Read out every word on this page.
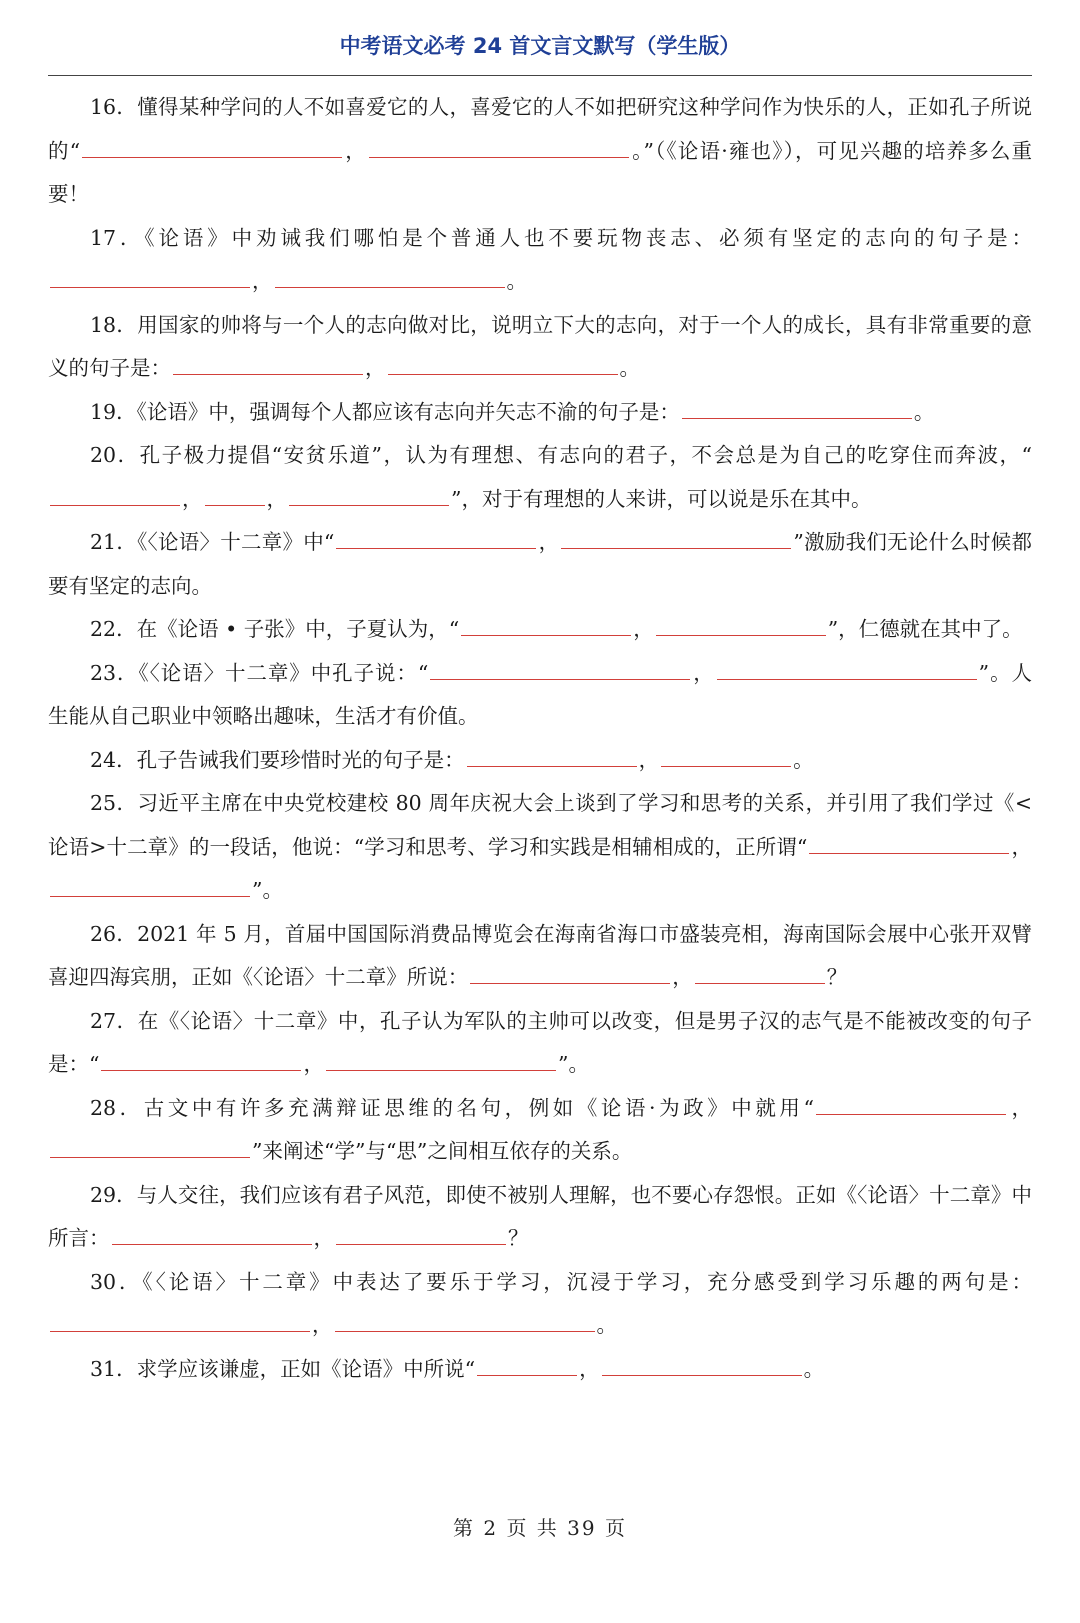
中考语文必考 24 首文言文默写（学生版）
16．懂得某种学问的人不如喜爱它的人，喜爱它的人不如把研究这种学问作为快乐的人，正如孔子所说的“	，	。”（《论语·雍也》），可见兴趣的培养多么重要！
17．《论语》中劝诫我们哪怕是个普通人也不要玩物丧志、必须有坚定的志向的句子是：，	。
18．用国家的帅将与一个人的志向做对比，说明立下大的志向，对于一个人的成长，具有非常重要的意义的句子是：	，	。
19．《论语》中，强调每个人都应该有志向并矢志不渝的句子是：	。
20．孔子极力提倡“安贫乐道”，认为有理想、有志向的君子，不会总是为自己的吃穿住而奔波，“，	，	”，对于有理想的人来讲，可以说是乐在其中。
21．《〈论语〉十二章》中“	，	”激励我们无论什么时候都要有坚定的志向。
22．在《论语 • 子张》中，子夏认为，“	，	”，仁德就在其中了。
23．《〈论语〉十二章》中孔子说：“	，	”。人生能从自己职业中领略出趣味，生活才有价值。
24．孔子告诫我们要珍惜时光的句子是：	，	。
25．习近平主席在中央党校建校 80 周年庆祝大会上谈到了学习和思考的关系，并引用了我们学过《<论语>十二章》的一段话，他说：“学习和思考、学习和实践是相辅相成的，正所谓“	，”。
26．2021 年 5 月，首届中国国际消费品博览会在海南省海口市盛装亮相，海南国际会展中心张开双臂喜迎四海宾朋，正如《〈论语〉十二章》所说：	，	？
27．在《〈论语〉十二章》中，孔子认为军队的主帅可以改变，但是男子汉的志气是不能被改变的句子是：“	，	”。
28．古文中有许多充满辩证思维的名句，例如《论语·为政》中就用“	，”来阐述“学”与“思”之间相互依存的关系。
29．与人交往，我们应该有君子风范，即使不被别人理解，也不要心存怨恨。正如《〈论语〉十二章》中所言：	，	？
30．《〈论语〉十二章》中表达了要乐于学习，沉浸于学习，充分感受到学习乐趣的两句是：，	。
31．求学应该谦虚，正如《论语》中所说“	，	。
第 2 页 共 39 页
